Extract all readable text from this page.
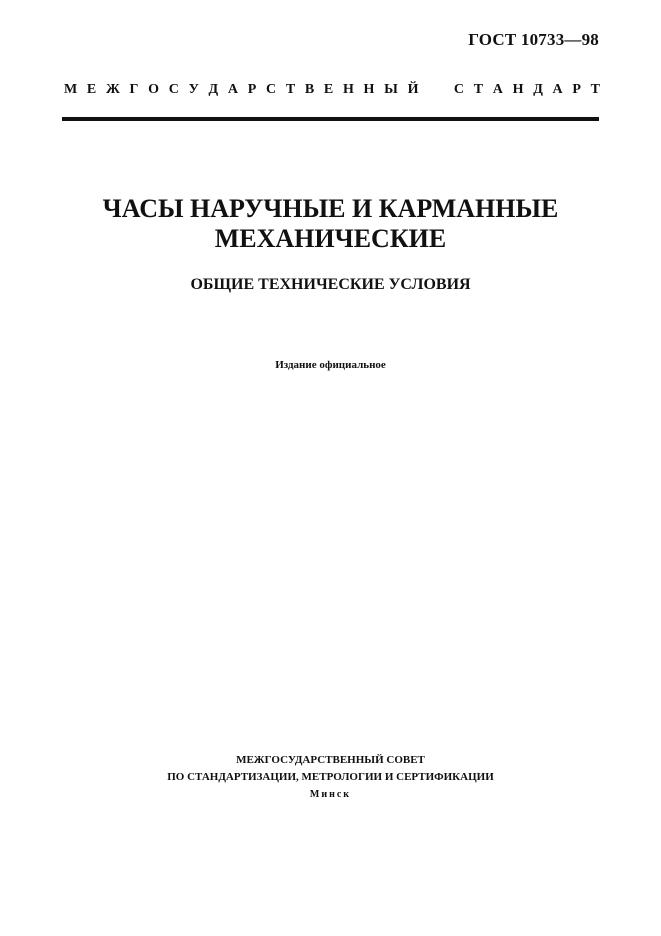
ГОСТ 10733—98
М Е Ж Г О С У Д А Р С Т В Е Н Н Ы Й	С Т А Н Д А Р Т
ЧАСЫ НАРУЧНЫЕ И КАРМАННЫЕ
МЕХАНИЧЕСКИЕ
ОБЩИЕ ТЕХНИЧЕСКИЕ УСЛОВИЯ
Издание официальное
МЕЖГОСУДАРСТВЕННЫЙ СОВЕТ
ПО СТАНДАРТИЗАЦИИ, МЕТРОЛОГИИ И СЕРТИФИКАЦИИ
Минск
